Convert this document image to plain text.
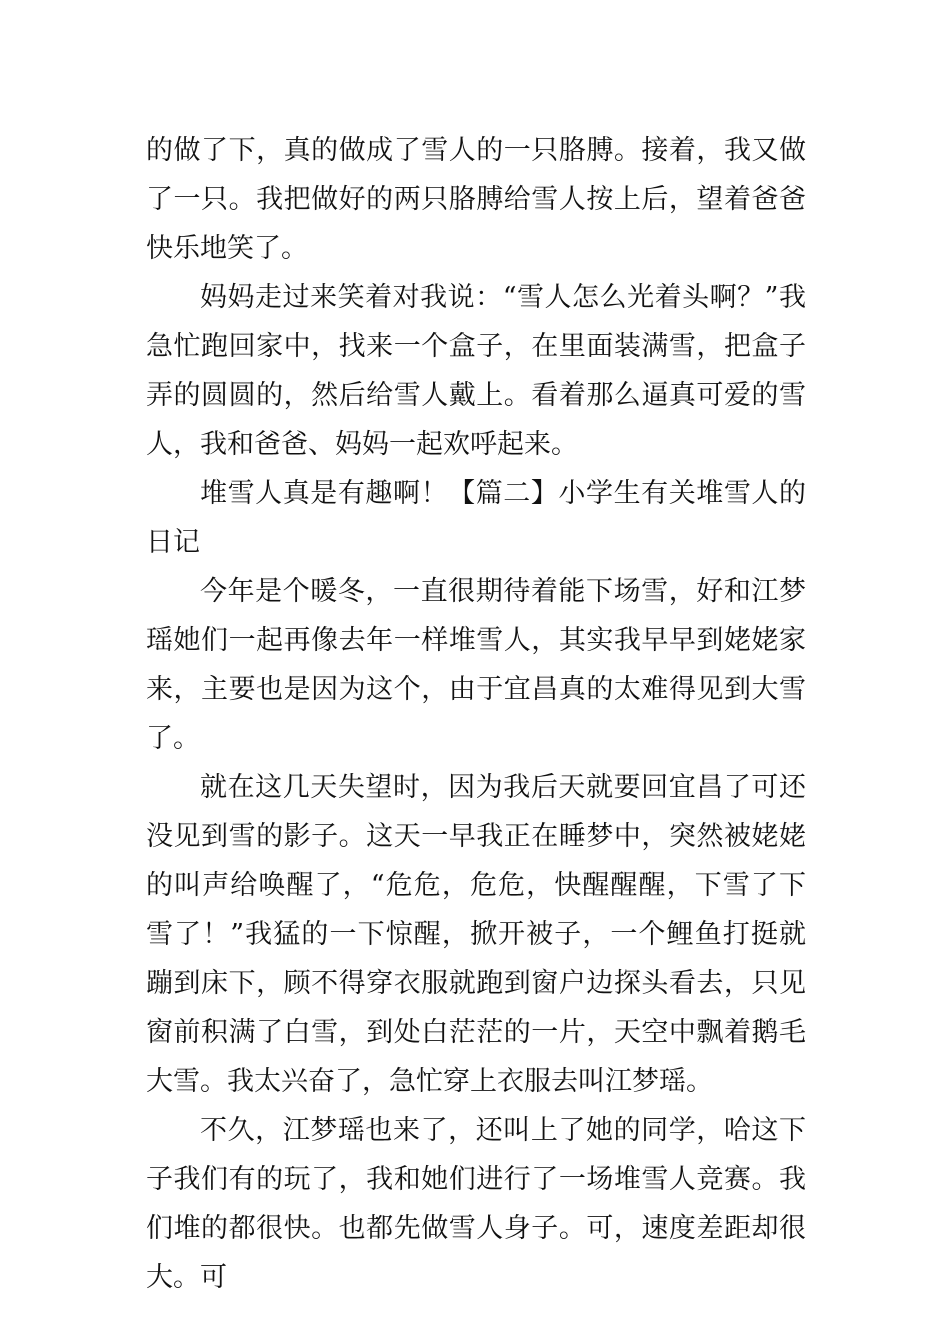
的做了下，真的做成了雪人的一只胳膊。接着，我又做了一只。我把做好的两只胳膊给雪人按上后，望着爸爸快乐地笑了。

妈妈走过来笑着对我说：“雪人怎么光着头啊？”我急忙跑回家中，找来一个盒子，在里面装满雪，把盒子弄的圆圆的，然后给雪人戴上。看着那么逼真可爱的雪人，我和爸爸、妈妈一起欢呼起来。

堆雪人真是有趣啊！【篇二】小学生有关堆雪人的日记

今年是个暖冬，一直很期待着能下场雪，好和江梦瑶她们一起再像去年一样堆雪人，其实我早早到姥姥家来，主要也是因为这个，由于宜昌真的太难得见到大雪了。

就在这几天失望时，因为我后天就要回宜昌了可还没见到雪的影子。这天一早我正在睡梦中，突然被姥姥的叫声给唤醒了，“危危，危危，快醒醒醒，下雪了下雪了！”我猛的一下惊醒，掀开被子，一个鲤鱼打挺就蹦到床下，顾不得穿衣服就跑到窗户边探头看去，只见窗前积满了白雪，到处白茫茫的一片，天空中飘着鹅毛大雪。我太兴奋了，急忙穿上衣服去叫江梦瑶。

不久，江梦瑶也来了，还叫上了她的同学，哈这下子我们有的玩了，我和她们进行了一场堆雪人竞赛。我们堆的都很快。也都先做雪人身子。可，速度差距却很大。可
